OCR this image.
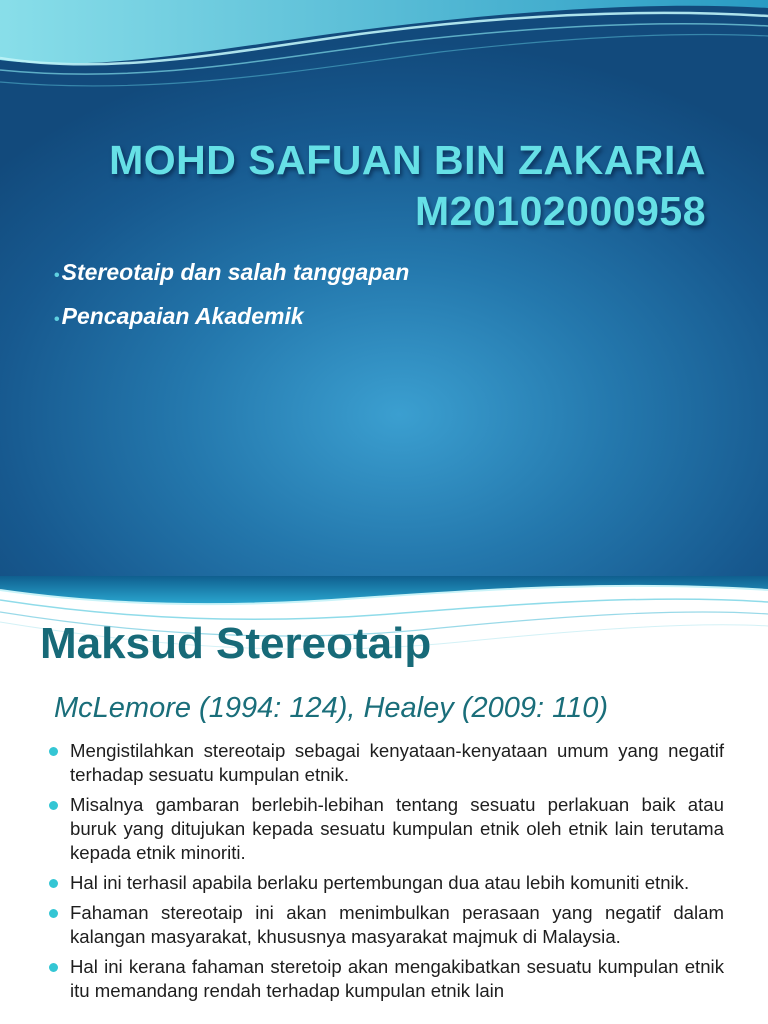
MOHD SAFUAN BIN ZAKARIA
M20102000958
• Stereotaip dan salah tanggapan
• Pencapaian Akademik
Maksud Stereotaip

McLemore (1994: 124), Healey (2009: 110)

Mengistilahkan stereotaip sebagai kenyataan-kenyataan umum yang negatif terhadap sesuatu kumpulan etnik.
Misalnya gambaran berlebih-lebihan tentang sesuatu perlakuan baik atau buruk yang ditujukan kepada sesuatu kumpulan etnik oleh etnik lain terutama kepada etnik minoriti.
Hal ini terhasil apabila berlaku pertembungan dua atau lebih komuniti etnik.
Fahaman stereotaip ini akan menimbulkan perasaan yang negatif dalam kalangan masyarakat, khususnya masyarakat majmuk di Malaysia.
Hal ini kerana fahaman steretoip akan mengakibatkan sesuatu kumpulan etnik itu memandang rendah terhadap kumpulan etnik lain
